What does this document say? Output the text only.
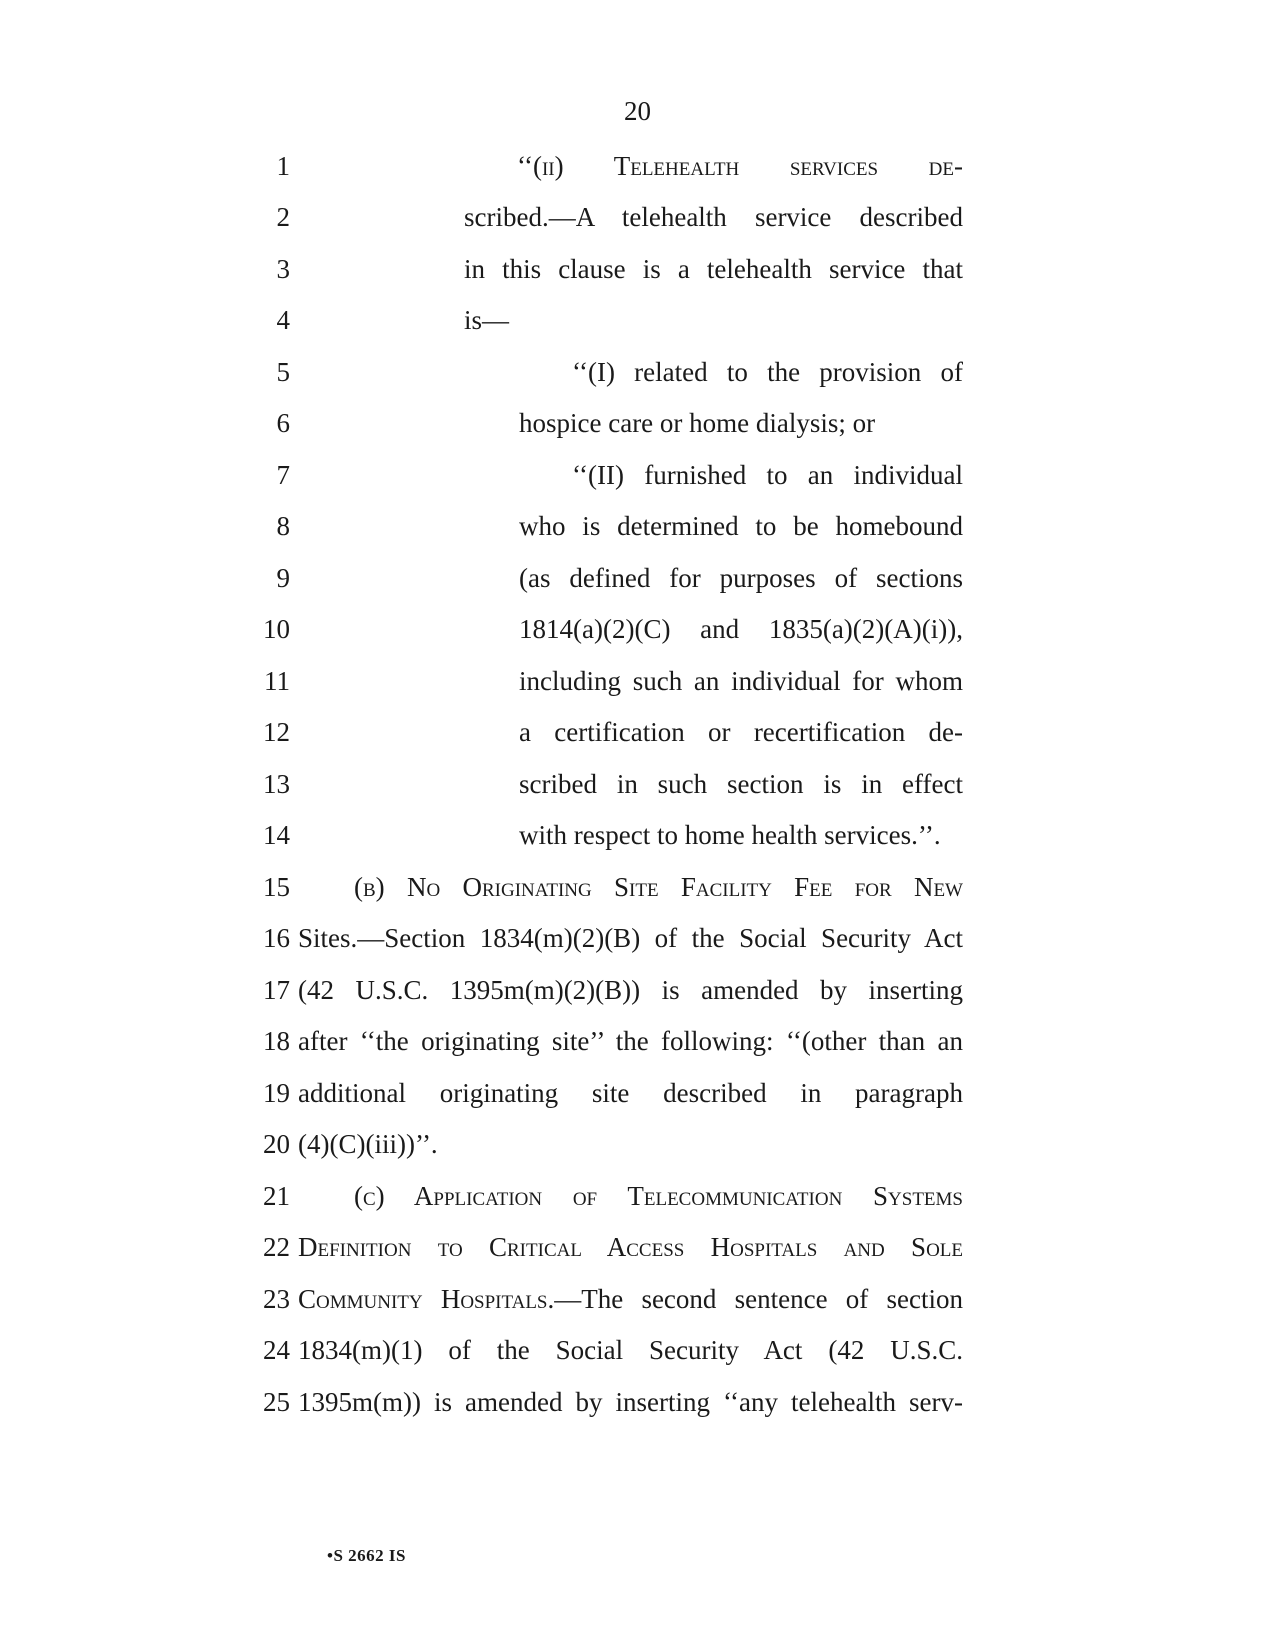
20
1	‘‘(ii) Telehealth services de-
2	scribed.—A telehealth service described
3	in this clause is a telehealth service that
4	is—
5	‘‘(I) related to the provision of
6	hospice care or home dialysis; or
7	‘‘(II) furnished to an individual
8	who is determined to be homebound
9	(as defined for purposes of sections
10	1814(a)(2)(C) and 1835(a)(2)(A)(i)),
11	including such an individual for whom
12	a certification or recertification de-
13	scribed in such section is in effect
14	with respect to home health services.’’.
15 (b) No Originating Site Facility Fee for New
16 Sites.—Section 1834(m)(2)(B) of the Social Security Act
17 (42 U.S.C. 1395m(m)(2)(B)) is amended by inserting
18 after ‘‘the originating site’’ the following: ‘‘(other than an
19 additional originating site described in paragraph
20 (4)(C)(iii))’’.
21 (c) Application of Telecommunication Systems
22 Definition to Critical Access Hospitals and Sole
23 Community Hospitals.—The second sentence of section
24 1834(m)(1) of the Social Security Act (42 U.S.C.
25 1395m(m)) is amended by inserting ‘‘any telehealth serv-
•S 2662 IS
